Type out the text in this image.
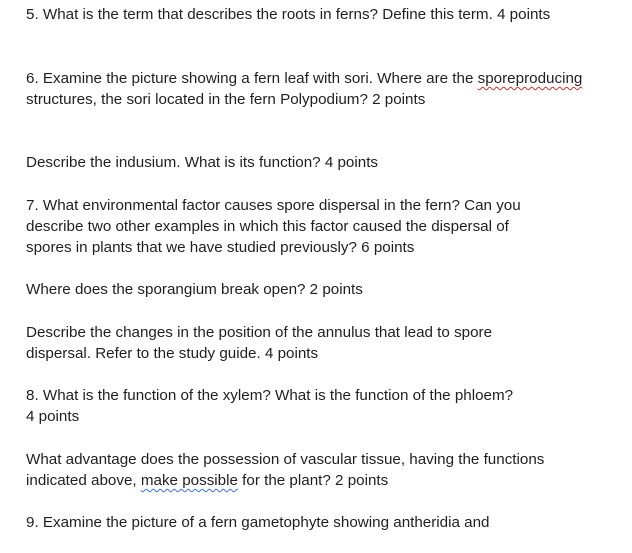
5. What is the term that describes the roots in ferns? Define this term. 4 points
6. Examine the picture showing a fern leaf with sori. Where are the sporeproducing
structures, the sori located in the fern Polypodium? 2 points
Describe the indusium. What is its function? 4 points
7. What environmental factor causes spore dispersal in the fern? Can you
describe two other examples in which this factor caused the dispersal of
spores in plants that we have studied previously? 6 points
Where does the sporangium break open? 2 points
Describe the changes in the position of the annulus that lead to spore
dispersal. Refer to the study guide. 4 points
8. What is the function of the xylem? What is the function of the phloem?
4 points
What advantage does the possession of vascular tissue, having the functions
indicated above, make possible for the plant? 2 points
9. Examine the picture of a fern gametophyte showing antheridia and
